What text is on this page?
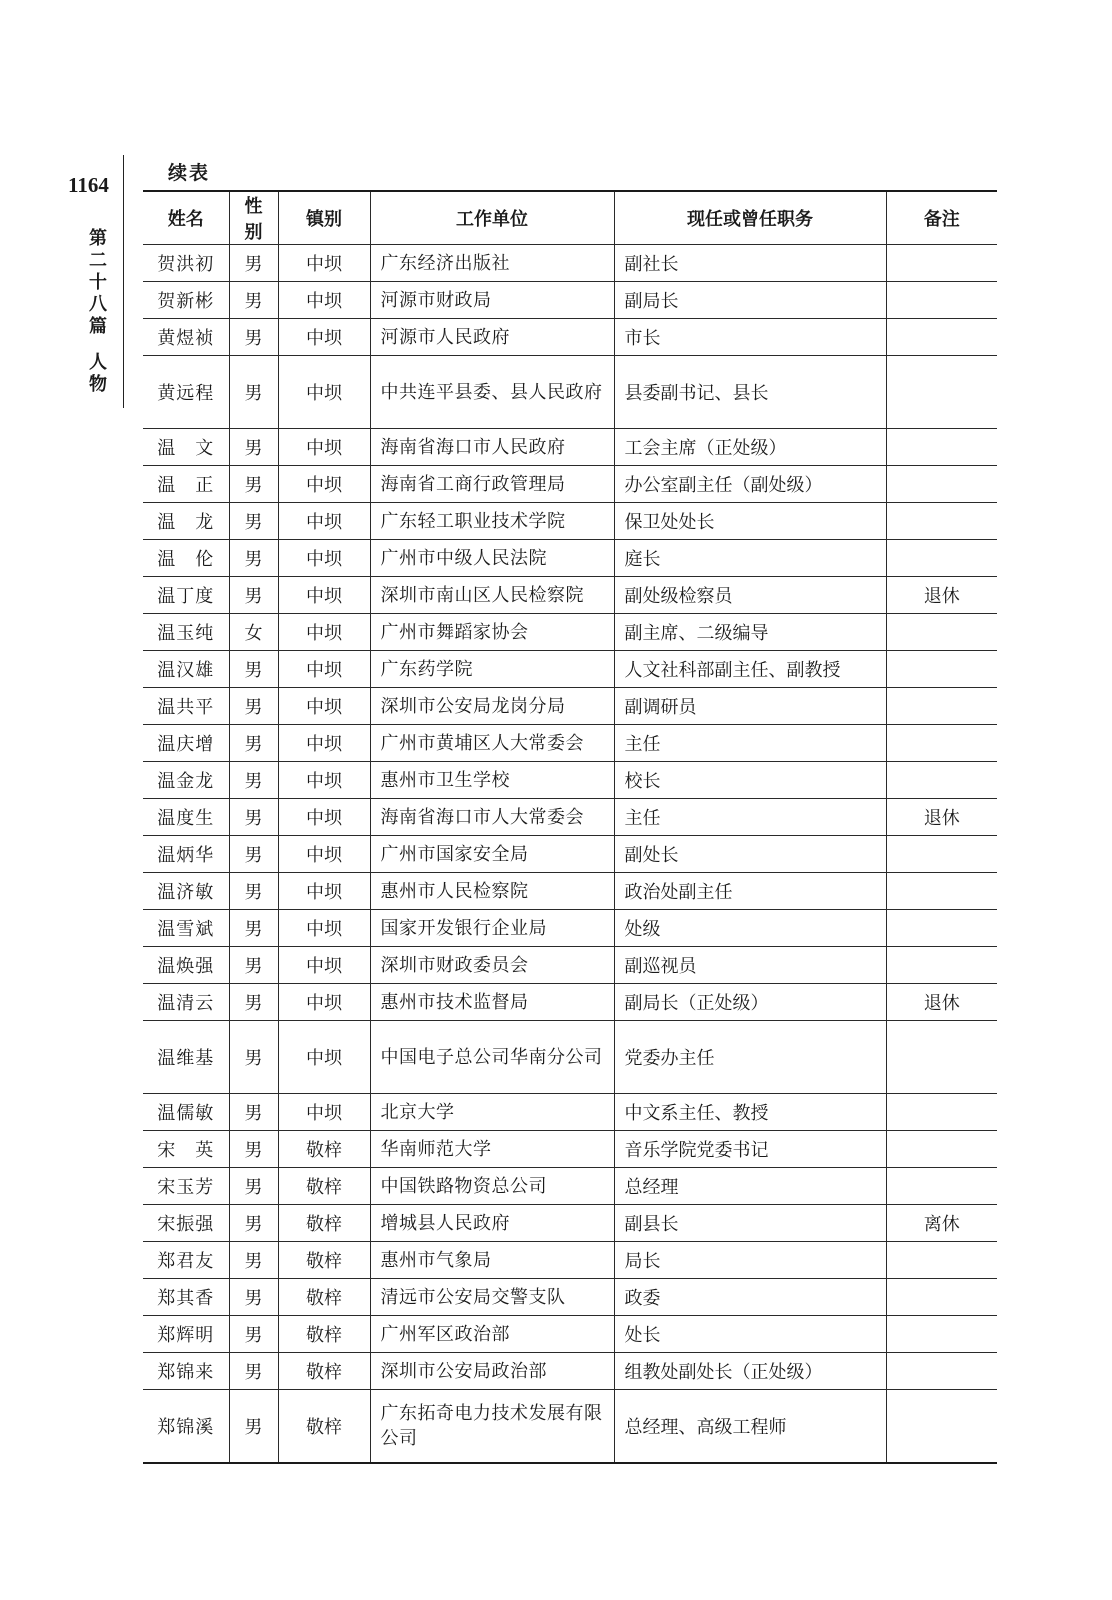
1164
第
二
十
八
篇
人
物
续表
姓名	性别	镇别	工作单位	现任或曾任职务	备注
贺洪初	男	中坝	广东经济出版社	副社长	
贺新彬	男	中坝	河源市财政局	副局长	
黄煜祯	男	中坝	河源市人民政府	市长	
黄远程	男	中坝	中共连平县委、县人民政府	县委副书记、县长	
温　文	男	中坝	海南省海口市人民政府	工会主席（正处级）	
温　正	男	中坝	海南省工商行政管理局	办公室副主任（副处级）	
温　龙	男	中坝	广东轻工职业技术学院	保卫处处长	
温　伦	男	中坝	广州市中级人民法院	庭长	
温丁度	男	中坝	深圳市南山区人民检察院	副处级检察员	退休
温玉纯	女	中坝	广州市舞蹈家协会	副主席、二级编导	
温汉雄	男	中坝	广东药学院	人文社科部副主任、副教授	
温共平	男	中坝	深圳市公安局龙岗分局	副调研员	
温庆增	男	中坝	广州市黄埔区人大常委会	主任	
温金龙	男	中坝	惠州市卫生学校	校长	
温度生	男	中坝	海南省海口市人大常委会	主任	退休
温炳华	男	中坝	广州市国家安全局	副处长	
温济敏	男	中坝	惠州市人民检察院	政治处副主任	
温雪斌	男	中坝	国家开发银行企业局	处级	
温焕强	男	中坝	深圳市财政委员会	副巡视员	
温清云	男	中坝	惠州市技术监督局	副局长（正处级）	退休
温维基	男	中坝	中国电子总公司华南分公司	党委办主任	
温儒敏	男	中坝	北京大学	中文系主任、教授	
宋　英	男	敬梓	华南师范大学	音乐学院党委书记	
宋玉芳	男	敬梓	中国铁路物资总公司	总经理	
宋振强	男	敬梓	增城县人民政府	副县长	离休
郑君友	男	敬梓	惠州市气象局	局长	
郑其香	男	敬梓	清远市公安局交警支队	政委	
郑辉明	男	敬梓	广州军区政治部	处长	
郑锦来	男	敬梓	深圳市公安局政治部	组教处副处长（正处级）	
郑锦溪	男	敬梓	广东拓奇电力技术发展有限公司	总经理、高级工程师	
